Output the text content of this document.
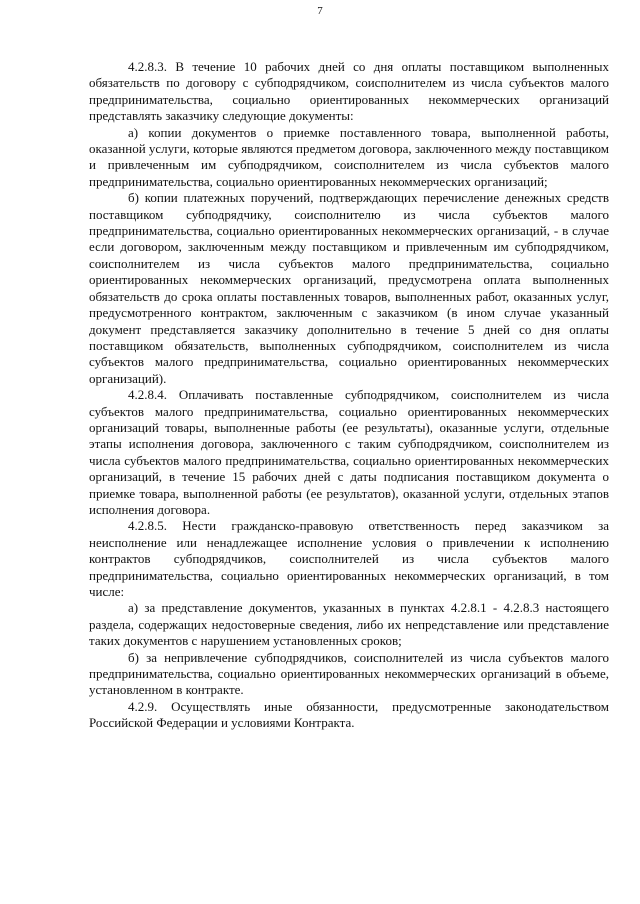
7

4.2.8.3. В течение 10 рабочих дней со дня оплаты поставщиком выполненных обязательств по договору с субподрядчиком, соисполнителем из числа субъектов малого предпринимательства, социально ориентированных некоммерческих организаций представлять заказчику следующие документы:

а) копии документов о приемке поставленного товара, выполненной работы, оказанной услуги, которые являются предметом договора, заключенного между поставщиком и привлеченным им субподрядчиком, соисполнителем из числа субъектов малого предпринимательства, социально ориентированных некоммерческих организаций;

б) копии платежных поручений, подтверждающих перечисление денежных средств поставщиком субподрядчику, соисполнителю из числа субъектов малого предпринимательства, социально ориентированных некоммерческих организаций, - в случае если договором, заключенным между поставщиком и привлеченным им субподрядчиком, соисполнителем из числа субъектов малого предпринимательства, социально ориентированных некоммерческих организаций, предусмотрена оплата выполненных обязательств до срока оплаты поставленных товаров, выполненных работ, оказанных услуг, предусмотренного контрактом, заключенным с заказчиком (в ином случае указанный документ представляется заказчику дополнительно в течение 5 дней со дня оплаты поставщиком обязательств, выполненных субподрядчиком, соисполнителем из числа субъектов малого предпринимательства, социально ориентированных некоммерческих организаций).

4.2.8.4. Оплачивать поставленные субподрядчиком, соисполнителем из числа субъектов малого предпринимательства, социально ориентированных некоммерческих организаций товары, выполненные работы (ее результаты), оказанные услуги, отдельные этапы исполнения договора, заключенного с таким субподрядчиком, соисполнителем из числа субъектов малого предпринимательства, социально ориентированных некоммерческих организаций, в течение 15 рабочих дней с даты подписания поставщиком документа о приемке товара, выполненной работы (ее результатов), оказанной услуги, отдельных этапов исполнения договора.

4.2.8.5. Нести гражданско-правовую ответственность перед заказчиком за неисполнение или ненадлежащее исполнение условия о привлечении к исполнению контрактов субподрядчиков, соисполнителей из числа субъектов малого предпринимательства, социально ориентированных некоммерческих организаций, в том числе:

а) за представление документов, указанных в пунктах 4.2.8.1 - 4.2.8.3 настоящего раздела, содержащих недостоверные сведения, либо их непредставление или представление таких документов с нарушением установленных сроков;

б) за непривлечение субподрядчиков, соисполнителей из числа субъектов малого предпринимательства, социально ориентированных некоммерческих организаций в объеме, установленном в контракте.

4.2.9. Осуществлять иные обязанности, предусмотренные законодательством Российской Федерации и условиями Контракта.
